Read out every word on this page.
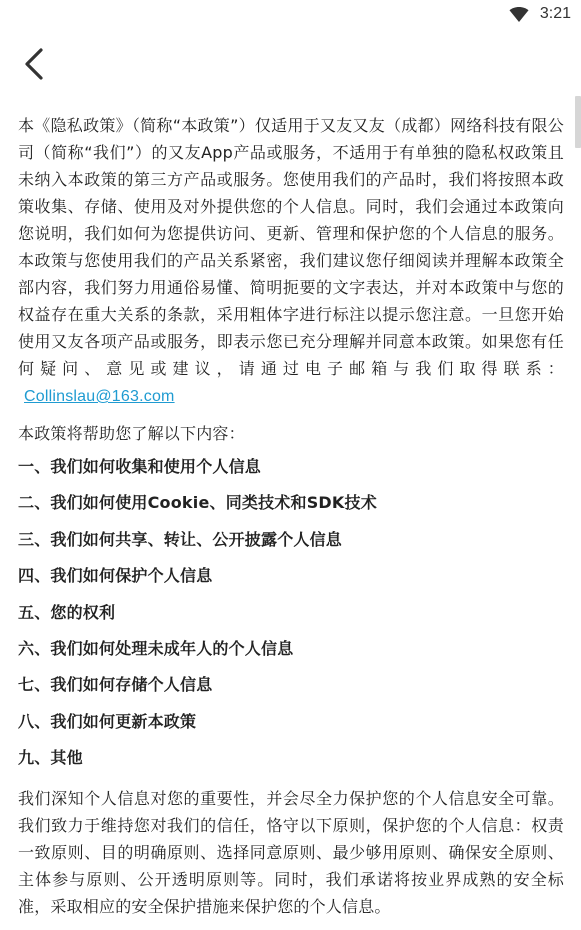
3:21

本《隐私政策》（简称“本政策”）仅适用于又友又友（成都）网络科技有限公司（简称“我们”）的又友App产品或服务，不适用于有单独的隐私权政策且未纳入本政策的第三方产品或服务。您使用我们的产品时，我们将按照本政策收集、存储、使用及对外提供您的个人信息。同时，我们会通过本政策向您说明，我们如何为您提供访问、更新、管理和保护您的个人信息的服务。本政策与您使用我们的产品关系紧密，我们建议您仔细阅读并理解本政策全部内容，我们努力用通俗易懂、简明扼要的文字表达，并对本政策中与您的权益存在重大关系的条款，采用粗体字进行标注以提示您注意。一旦您开始使用又友各项产品或服务，即表示您已充分理解并同意本政策。如果您有任何疑问、意见或建议，请通过电子邮箱与我们取得联系：Collinslau@163.com

本政策将帮助您了解以下内容：

一、我们如何收集和使用个人信息
二、我们如何使用Cookie、同类技术和SDK技术
三、我们如何共享、转让、公开披露个人信息
四、我们如何保护个人信息
五、您的权利
六、我们如何处理未成年人的个人信息
七、我们如何存储个人信息
八、我们如何更新本政策
九、其他

我们深知个人信息对您的重要性，并会尽全力保护您的个人信息安全可靠。我们致力于维持您对我们的信任，恪守以下原则，保护您的个人信息：权责一致原则、目的明确原则、选择同意原则、最少够用原则、确保安全原则、主体参与原则、公开透明原则等。同时，我们承诺将按业界成熟的安全标准，采取相应的安全保护措施来保护您的个人信息。
